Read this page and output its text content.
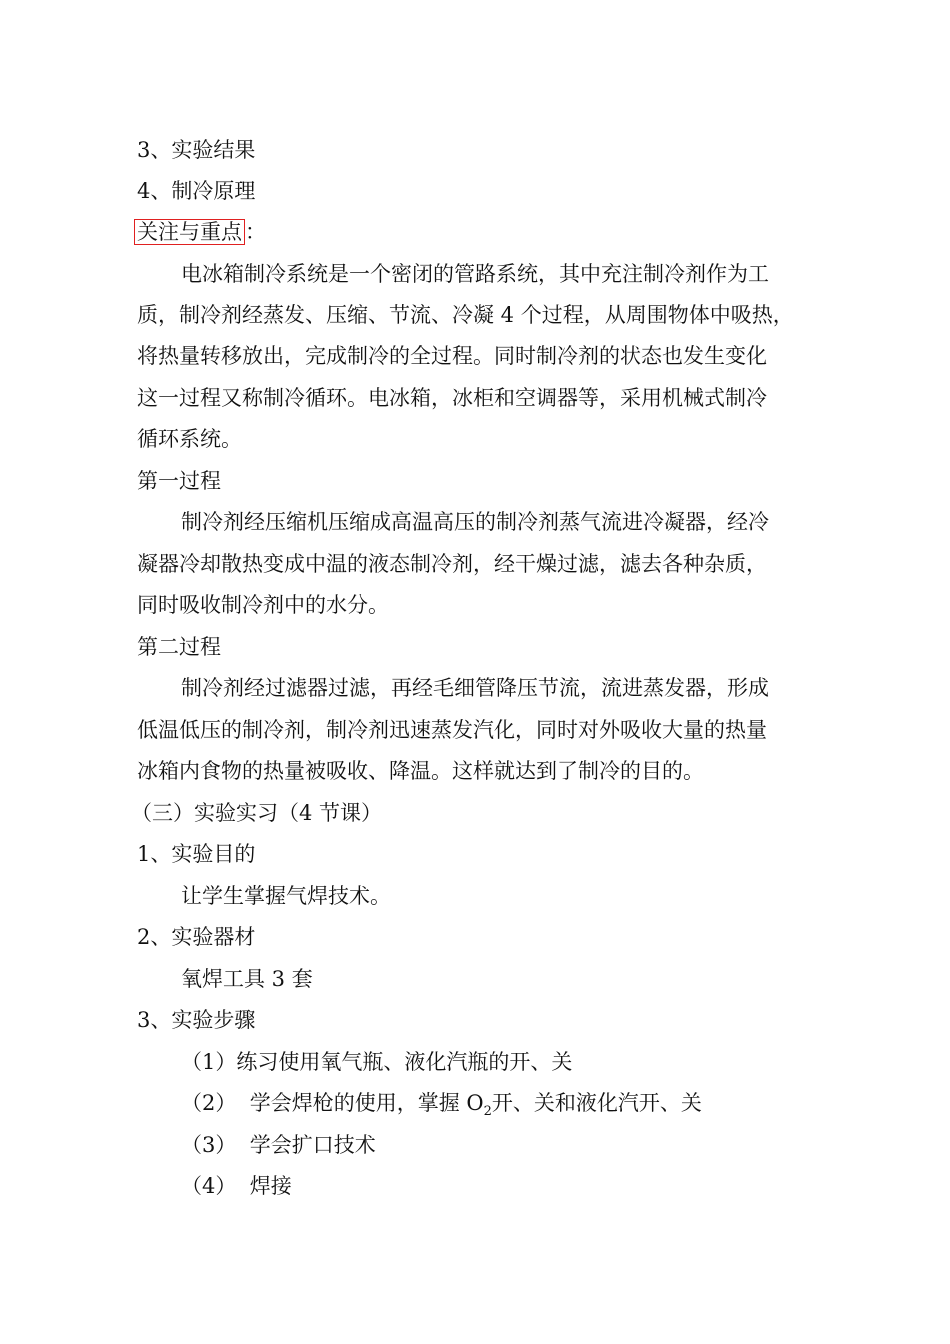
3、实验结果
4、制冷原理
关注与重点 ：
电冰箱制冷系统是一个密闭的管路系统，其中充注制冷剂作为工
质，制冷剂经蒸发、压缩、节流、冷凝 4 个过程，从周围物体中吸热，
将热量转移放出，完成制冷的全过程。同时制冷剂的状态也发生变化
这一过程又称制冷循环。电冰箱，冰柜和空调器等，采用机械式制冷
循环系统。
第一过程
制冷剂经压缩机压缩成高温高压的制冷剂蒸气流进冷凝器，经冷
凝器冷却散热变成中温的液态制冷剂，经干燥过滤，滤去各种杂质，
同时吸收制冷剂中的水分。
第二过程
制冷剂经过滤器过滤，再经毛细管降压节流，流进蒸发器，形成
低温低压的制冷剂，制冷剂迅速蒸发汽化，同时对外吸收大量的热量
冰箱内食物的热量被吸收、降温。这样就达到了制冷的目的。
（三）实验实习（4 节课）
1、实验目的
让学生掌握气焊技术。
2、实验器材
氧焊工具 3 套
3、实验步骤
（1）练习使用氧气瓶、液化汽瓶的开、关
（2）  学会焊枪的使用，掌握 $O_2$开、关和液化汽开、关
（3）  学会扩口技术
（4）  焊接
